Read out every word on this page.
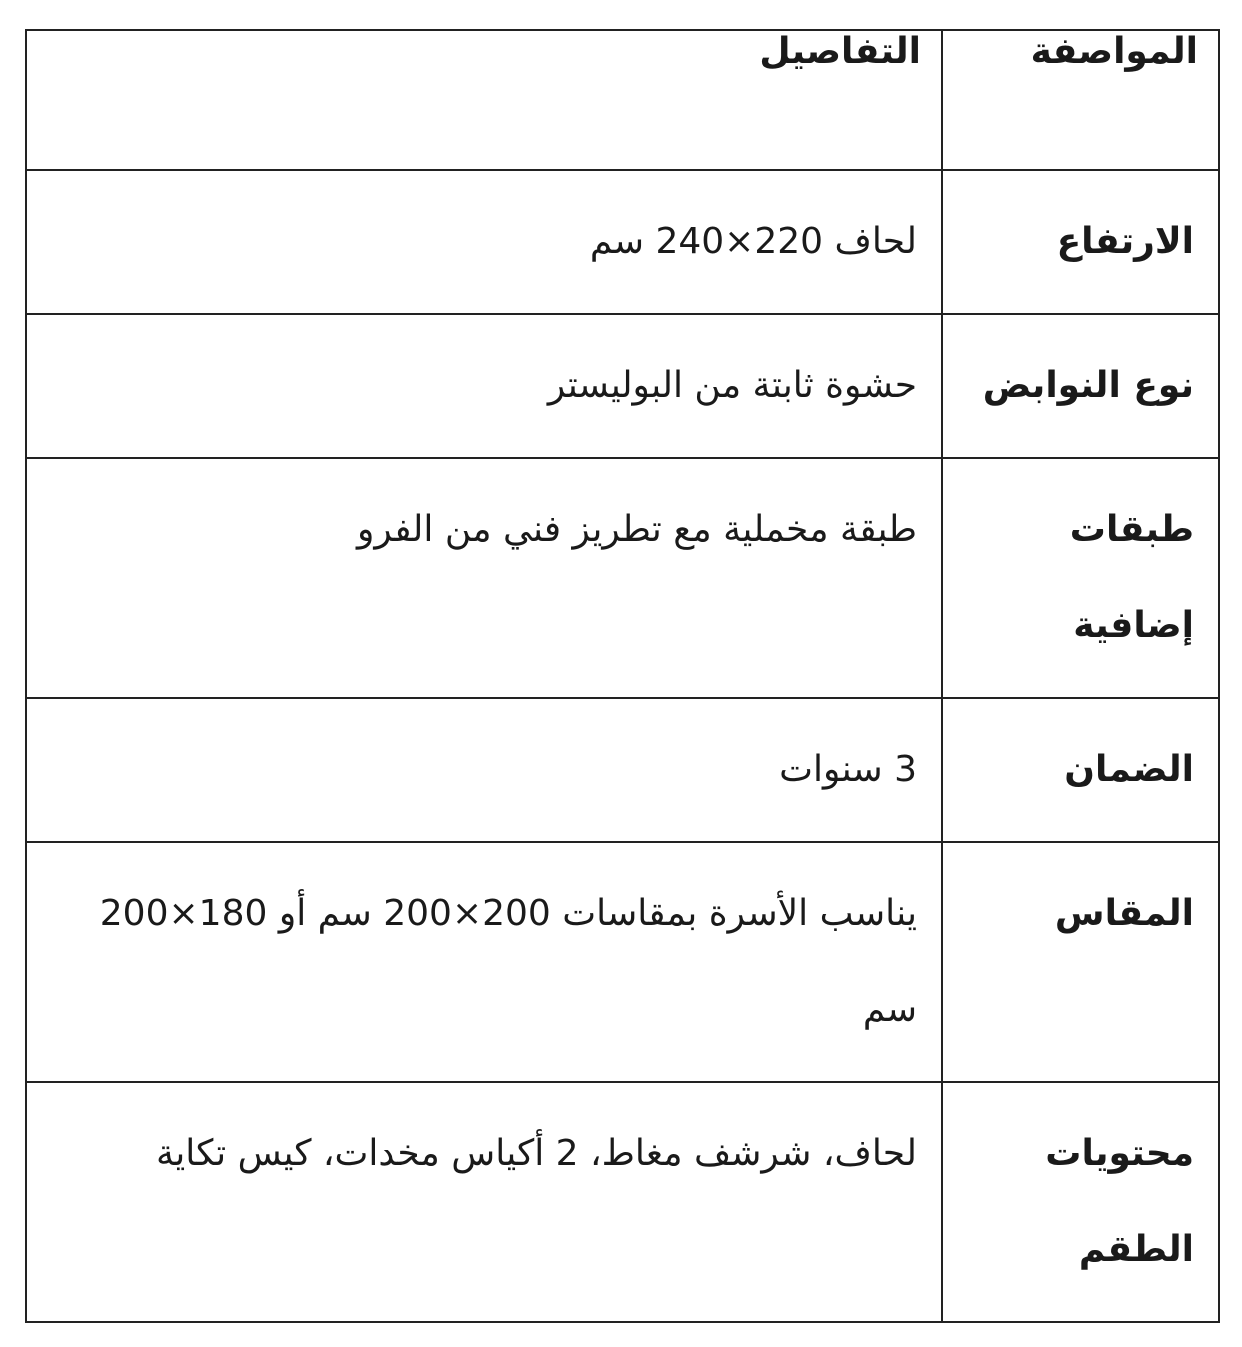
المواصفة	التفاصيل
الارتفاع	لحاف 220×240 سم
نوع النوابض	حشوة ثابتة من البوليستر
طبقات إضافية	طبقة مخملية مع تطريز فني من الفرو
الضمان	3 سنوات
المقاس	يناسب الأسرة بمقاسات 200×200 سم أو 180×200 سم
محتويات الطقم	لحاف، شرشف مغاط، 2 أكياس مخدات، كيس تكاية
